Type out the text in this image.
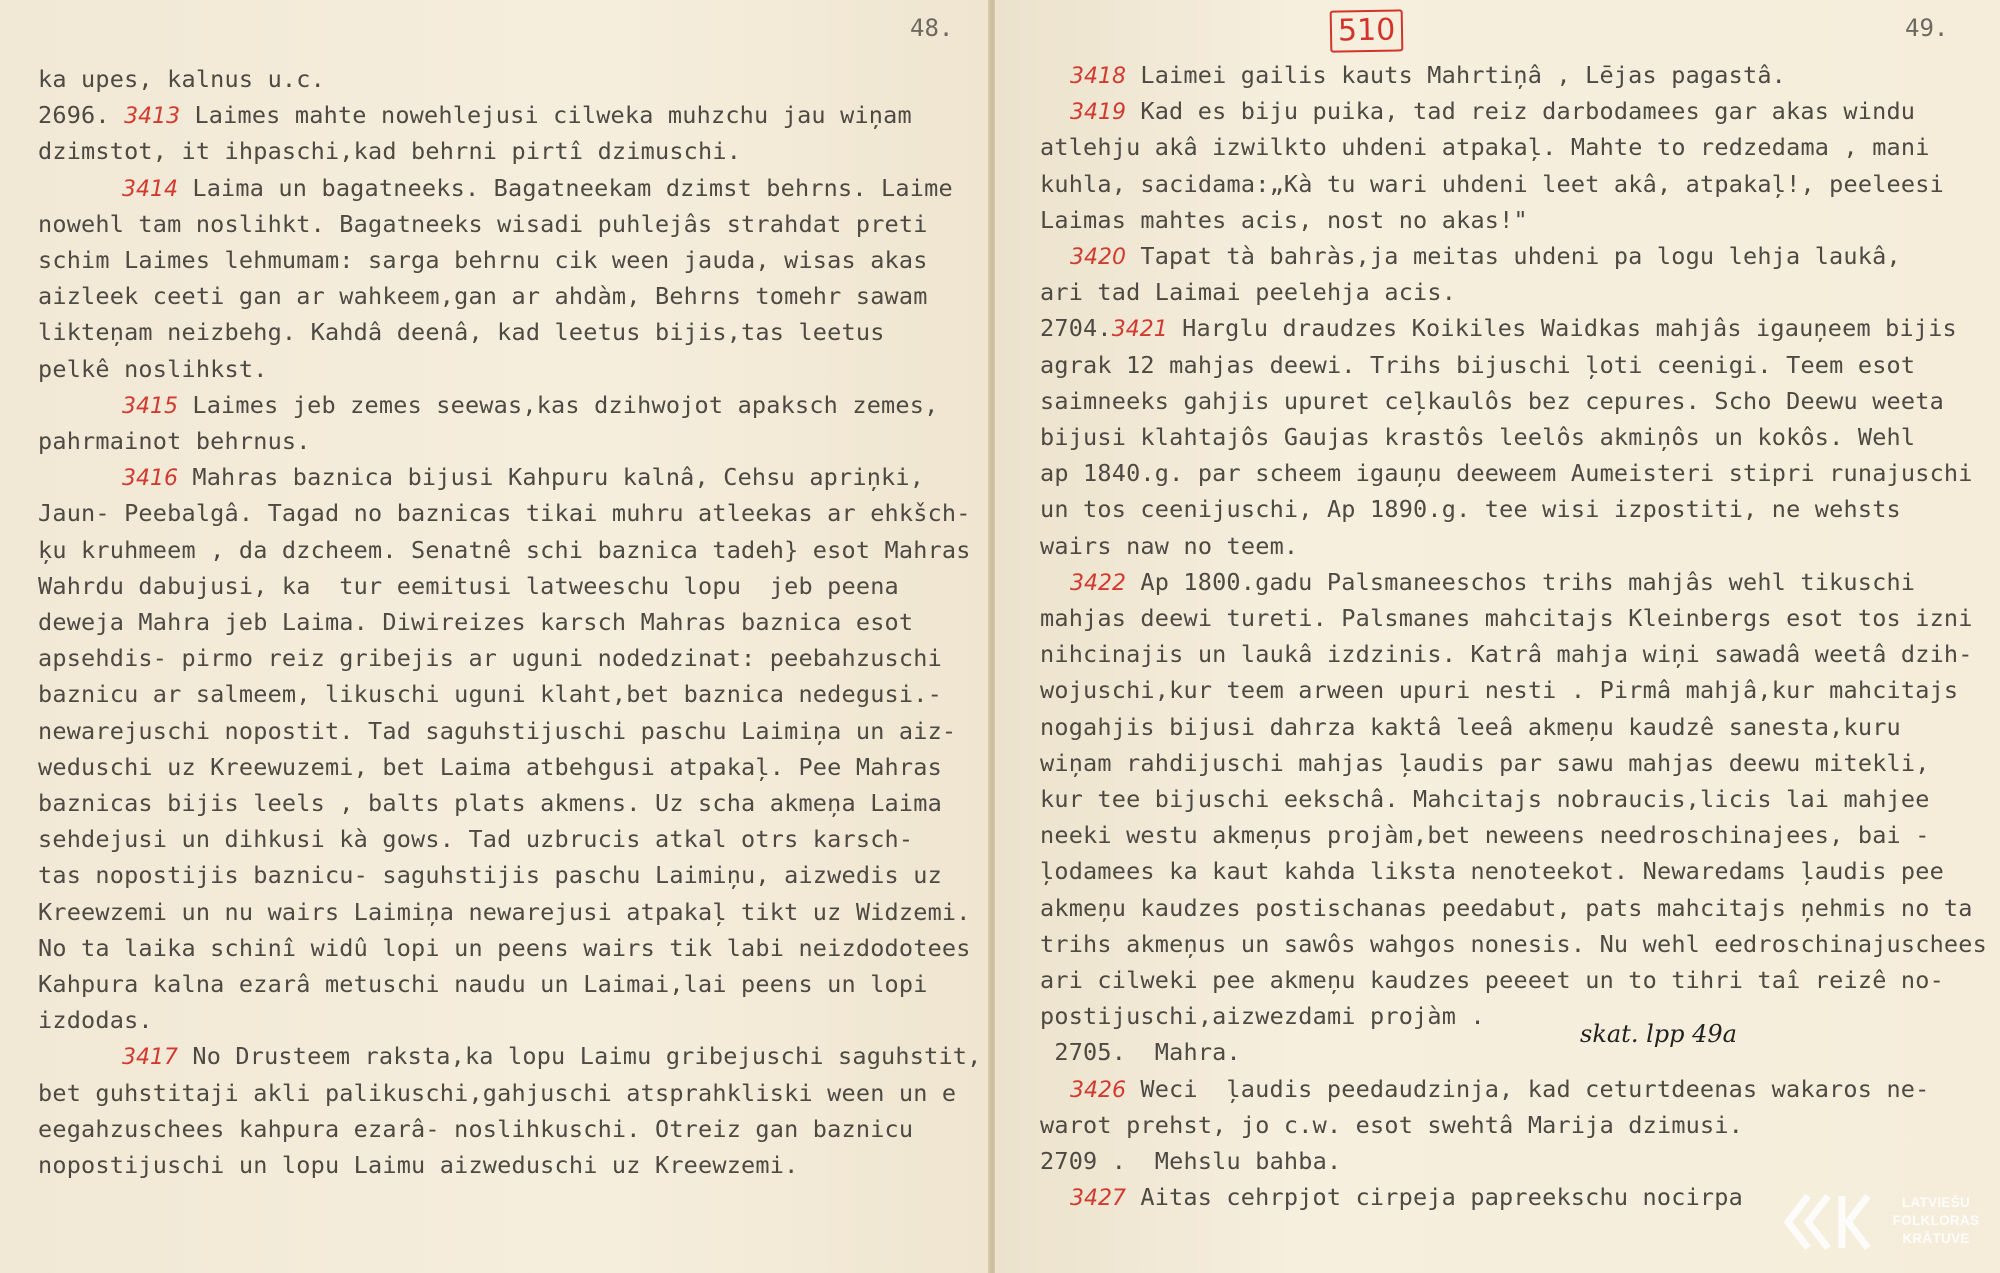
48.
ka upes, kalnus u.c.
2696. 3413 Laimes mahte nowehlejusi cilweka muhzchu jau wiņam
dzimstot, it ihpaschi,kad behrni pirtî dzimuschi.
3414 Laima un bagatneeks. Bagatneekam dzimst behrns. Laime
nowehl tam noslihkt. Bagatneeks wisadi puhlejâs strahdat preti
schim Laimes lehmumam: sarga behrnu cik ween jauda, wisas akas
aizleek ceeti gan ar wahkeem,gan ar ahdàm, Behrns tomehr sawam
likteņam neizbehg. Kahdâ deenâ, kad leetus bijis,tas leetus
pelkê noslihkst.
3415 Laimes jeb zemes seewas,kas dzihwojot apaksch zemes,
pahrmainot behrnus.
3416 Mahras baznica bijusi Kahpuru kalnâ, Cehsu apriņki,
Jaun- Peebalgâ. Tagad no baznicas tikai muhru atleekas ar ehkšch-
ķu kruhmeem , da dzcheem. Senatnê schi baznica tadeh} esot Mahras
Wahrdu dabujusi, ka  tur eemitusi latweeschu lopu  jeb peena
deweja Mahra jeb Laima. Diwireizes karsch Mahras baznica esot
apsehdis- pirmo reiz gribejis ar uguni nodedzinat: peebahzuschi
baznicu ar salmeem, likuschi uguni klaht,bet baznica nedegusi.-
newarejuschi nopostit. Tad saguhstijuschi paschu Laimiņa un aiz-
weduschi uz Kreewuzemi, bet Laima atbehgusi atpakaļ. Pee Mahras
baznicas bijis leels , balts plats akmens. Uz scha akmeņa Laima
sehdejusi un dihkusi kà gows. Tad uzbrucis atkal otrs karsch-
tas nopostijis baznicu- saguhstijis paschu Laimiņu, aizwedis uz
Kreewzemi un nu wairs Laimiņa newarejusi atpakaļ tikt uz Widzemi.
No ta laika schinî widû lopi un peens wairs tik labi neizdodotees
Kahpura kalna ezarâ metuschi naudu un Laimai,lai peens un lopi
izdodas.
3417 No Drusteem raksta,ka lopu Laimu gribejuschi saguhstit,
bet guhstitaji akli palikuschi,gahjuschi atsprahkliski ween un e
eegahzuschees kahpura ezarâ- noslihkuschi. Otreiz gan baznicu
nopostijuschi un lopu Laimu aizweduschi uz Kreewzemi.
49.
3418 Laimei gailis kauts Mahrtiņâ , Lējas pagastâ.
3419 Kad es biju puika, tad reiz darbodamees gar akas windu
atlehju akâ izwilkto uhdeni atpakaļ. Mahte to redzedama , mani
kuhla, sacidama:„Kà tu wari uhdeni leet akâ, atpakaļ!, peeleesi
Laimas mahtes acis, nost no akas!"
3420 Tapat tà bahràs,ja meitas uhdeni pa logu lehja laukâ,
ari tad Laimai peelehja acis.
2704.3421 Harglu draudzes Koikiles Waidkas mahjâs igauņeem bijis
agrak 12 mahjas deewi. Trihs bijuschi ļoti ceenigi. Teem esot
saimneeks gahjis upuret ceļkaulôs bez cepures. Scho Deewu weeta
bijusi klahtajôs Gaujas krastôs leelôs akmiņôs un kokôs. Wehl
ap 1840.g. par scheem igauņu deeweem Aumeisteri stipri runajuschi
un tos ceenijuschi, Ap 1890.g. tee wisi izpostiti, ne wehsts
wairs naw no teem.
3422 Ap 1800.gadu Palsmaneeschos trihs mahjâs wehl tikuschi
mahjas deewi tureti. Palsmanes mahcitajs Kleinbergs esot tos izni
nihcinajis un laukâ izdzinis. Katrâ mahja wiņi sawadâ weetâ dzih-
wojuschi,kur teem arween upuri nesti . Pirmâ mahjâ,kur mahcitajs
nogahjis bijusi dahrza kaktâ leeâ akmeņu kaudzê sanesta,kuru
wiņam rahdijuschi mahjas ļaudis par sawu mahjas deewu mitekli,
kur tee bijuschi eekschâ. Mahcitajs nobraucis,licis lai mahjee
neeki westu akmeņus projàm,bet neweens needroschinajees, bai -
ļodamees ka kaut kahda liksta nenoteekot. Newaredams ļaudis pee
akmeņu kaudzes postischanas peedabut, pats mahcitajs ņehmis no ta
trihs akmeņus un sawôs wahgos nonesis. Nu wehl eedroschinajuschees
ari cilweki pee akmeņu kaudzes peeeet un to tihri taî reizê no-
postijuschi,aizwezdami projàm .
2705.  Mahra.
3426 Weci  ļaudis peedaudzinja, kad ceturtdeenas wakaros ne-
warot prehst, jo c.w. esot swehtâ Marija dzimusi.
2709 .  Mehslu bahba.
3427 Aitas cehrpjot cirpeja papreekschu nocirpa
skat. lpp 49a
510
LATVIEŠU
FOLKLORAS
KRĀTUVE
